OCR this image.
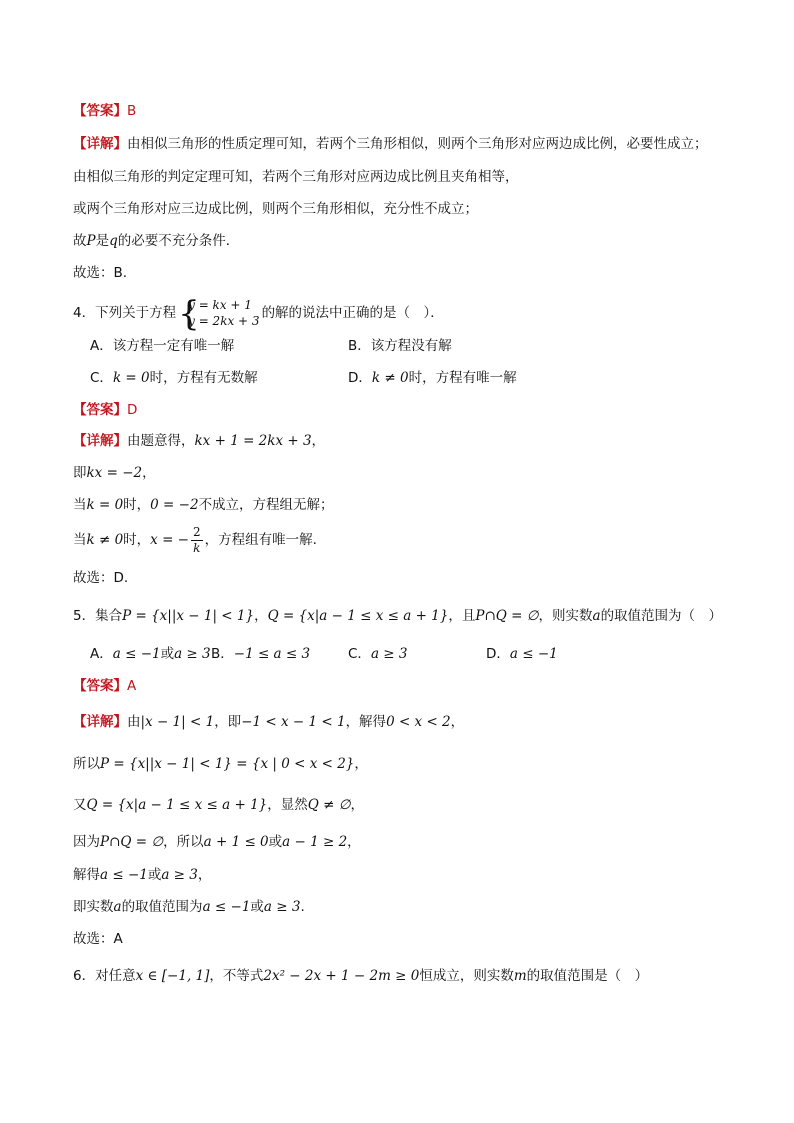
【答案】B
【详解】由相似三角形的性质定理可知，若两个三角形相似，则两个三角形对应两边成比例，必要性成立；
由相似三角形的判定定理可知，若两个三角形对应两边成比例且夹角相等，
或两个三角形对应三边成比例，则两个三角形相似，充分性不成立；
故P是q的必要不充分条件．
故选：B.
4．下列关于方程 {
y = kx + 1
y = 2kx + 3 的解的说法中正确的是（　）．
A．该方程一定有唯一解	B．该方程没有解
C．k = 0时，方程有无数解	D．k ≠ 0时，方程有唯一解
【答案】D
【详解】由题意得，kx + 1 = 2kx + 3，
即kx = −2，
当k = 0时，0 = −2不成立，方程组无解；
当k ≠ 0时，x = − $\frac{2}{k}$ ，方程组有唯一解.
故选：D.
5．集合P = {x||x − 1| < 1}，Q = {x|a − 1 ≤ x ≤ a + 1}，且P∩Q = ∅，则实数a的取值范围为（　）
A．a ≤ −1或a ≥ 3 B．−1 ≤ a ≤ 3	C．a ≥ 3	D．a ≤ −1
【答案】A
【详解】由|x − 1| < 1，即−1 < x − 1 < 1，解得0 < x < 2，
所以P = {x||x − 1| < 1} = {x | 0 < x < 2}，
又Q = {x|a − 1 ≤ x ≤ a + 1}，显然Q ≠ ∅，
因为P∩Q = ∅，所以a + 1 ≤ 0或a − 1 ≥ 2，
解得a ≤ −1或a ≥ 3，
即实数a的取值范围为a ≤ −1或a ≥ 3.
故选：A
6．对任意x ∈ [−1, 1]，不等式2x² − 2x + 1 − 2m ≥ 0恒成立，则实数m的取值范围是（　）
